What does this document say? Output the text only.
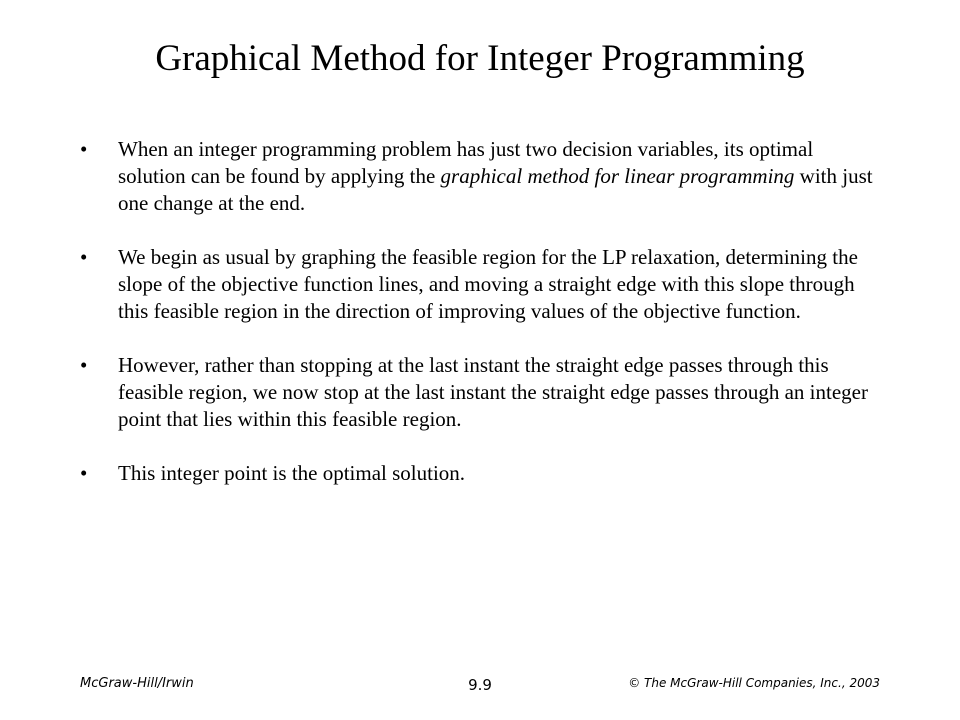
Graphical Method for Integer Programming
•	When an integer programming problem has just two decision variables, its optimal solution can be found by applying the graphical method for linear programming with just one change at the end.
•	We begin as usual by graphing the feasible region for the LP relaxation, determining the slope of the objective function lines, and moving a straight edge with this slope through this feasible region in the direction of improving values of the objective function.
•	However, rather than stopping at the last instant the straight edge passes through this feasible region, we now stop at the last instant the straight edge passes through an integer point that lies within this feasible region.
•	This integer point is the optimal solution.
McGraw-Hill/Irwin	9.9	© The McGraw-Hill Companies, Inc., 2003
